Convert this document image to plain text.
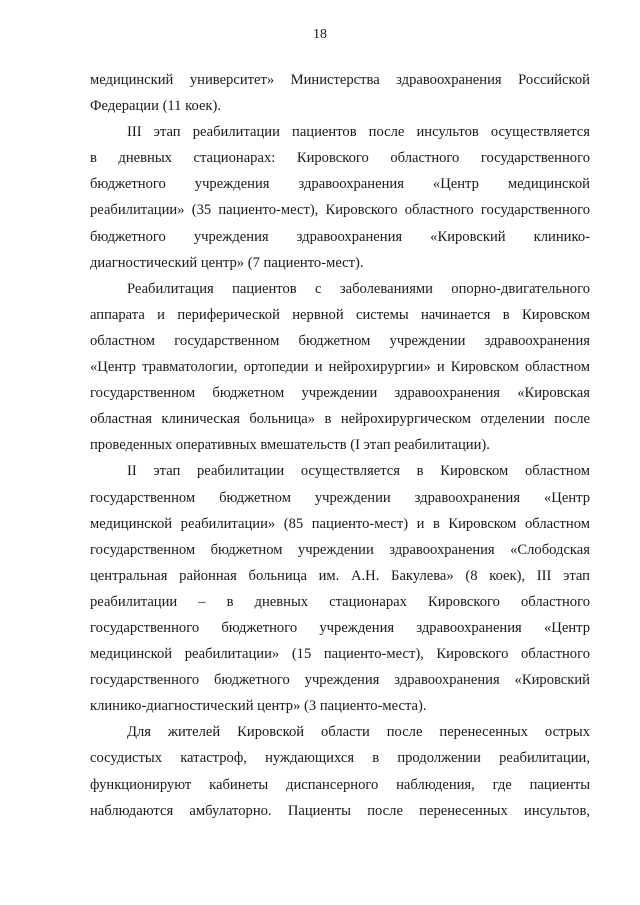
18
медицинский университет» Министерства здравоохранения Российской
Федерации (11 коек).
III этап реабилитации пациентов после инсультов осуществляется
в дневных стационарах: Кировского областного государственного
бюджетного учреждения здравоохранения «Центр медицинской
реабилитации» (35 пациенто-мест), Кировского областного государственного
бюджетного учреждения здравоохранения «Кировский клинико-
диагностический центр» (7 пациенто-мест).
Реабилитация пациентов с заболеваниями опорно-двигательного
аппарата и периферической нервной системы начинается в Кировском
областном государственном бюджетном учреждении здравоохранения
«Центр травматологии, ортопедии и нейрохирургии» и Кировском областном
государственном бюджетном учреждении здравоохранения «Кировская
областная клиническая больница» в нейрохирургическом отделении после
проведенных оперативных вмешательств (I этап реабилитации).
II этап реабилитации осуществляется в Кировском областном
государственном бюджетном учреждении здравоохранения «Центр
медицинской реабилитации» (85 пациенто-мест) и в Кировском областном
государственном бюджетном учреждении здравоохранения «Слободская
центральная районная больница им. А.Н. Бакулева» (8 коек), III этап
реабилитации – в дневных стационарах Кировского областного
государственного бюджетного учреждения здравоохранения «Центр
медицинской реабилитации» (15 пациенто-мест), Кировского областного
государственного бюджетного учреждения здравоохранения «Кировский
клинико-диагностический центр» (3 пациенто-места).
Для жителей Кировской области после перенесенных острых
сосудистых катастроф, нуждающихся в продолжении реабилитации,
функционируют кабинеты диспансерного наблюдения, где пациенты
наблюдаются амбулаторно. Пациенты после перенесенных инсультов,
